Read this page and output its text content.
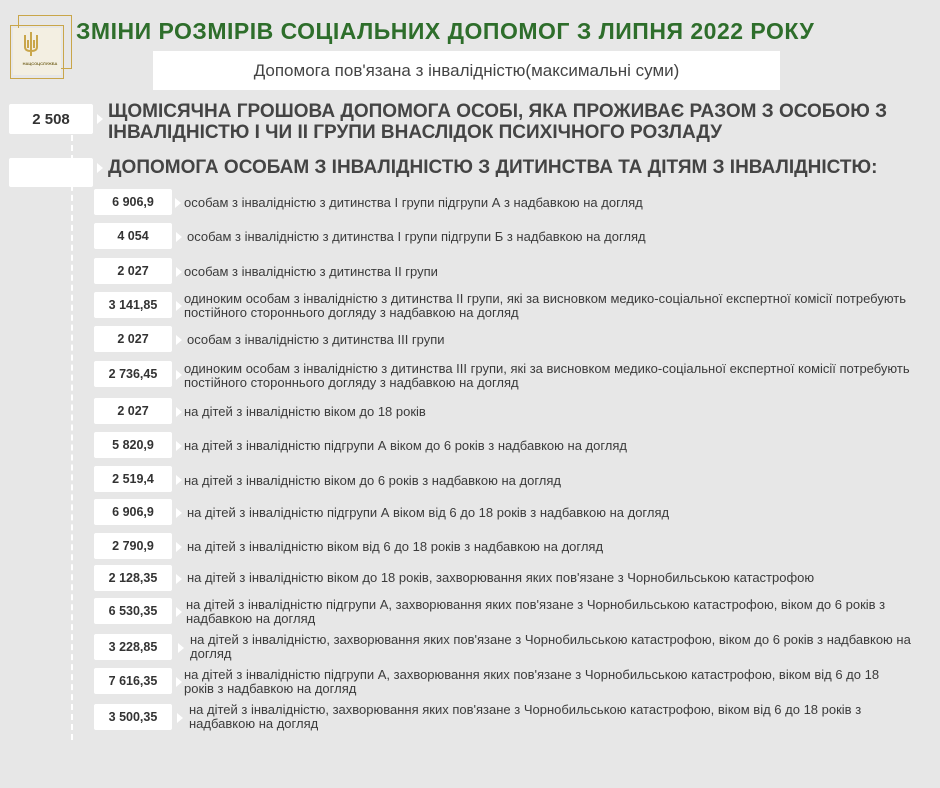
НАЦСОЦСЛУЖБА
ЗМІНИ РОЗМІРІВ СОЦІАЛЬНИХ ДОПОМОГ З ЛИПНЯ 2022 РОКУ
Допомога пов'язана з інвалідністю(максимальні суми)
2 508 ЩОМІСЯЧНА ГРОШОВА ДОПОМОГА ОСОБІ, ЯКА ПРОЖИВАЄ РАЗОМ З ОСОБОЮ З ІНВАЛІДНІСТЮ І ЧИ ІІ ГРУПИ ВНАСЛІДОК ПСИХІЧНОГО РОЗЛАДУ
ДОПОМОГА ОСОБАМ З ІНВАЛІДНІСТЮ З ДИТИНСТВА ТА ДІТЯМ З ІНВАЛІДНІСТЮ:
6 906,9 особам з інвалідністю з дитинства І групи підгрупи А з надбавкою на догляд
4 054	особам з інвалідністю з дитинства І групи підгрупи Б з надбавкою на догляд
2 027	особам з інвалідністю з дитинства ІІ групи
3 141,85 одиноким особам з інвалідністю з дитинства ІІ групи, які за висновком медико-соціальної експертної комісії потребують постійного стороннього догляду з надбавкою на догляд
2 027	особам з інвалідністю з дитинства ІІІ групи
2 736,45 одиноким особам з інвалідністю з дитинства ІІІ групи, які за висновком медико-соціальної експертної комісії потребують постійного стороннього догляду з надбавкою на догляд
2 027	на дітей з інвалідністю віком до 18 років
5 820,9 на дітей з інвалідністю підгрупи А віком до 6 років з надбавкою на догляд
2 519,4 на дітей з інвалідністю віком до 6 років з надбавкою на догляд
6 906,9	на дітей з інвалідністю підгрупи А віком від 6 до 18 років з надбавкою на догляд
2 790,9	на дітей з інвалідністю віком від 6 до 18 років з надбавкою на догляд
2 128,35 на дітей з інвалідністю віком до 18 років, захворювання яких пов'язане з Чорнобильською катастрофою
6 530,35 на дітей з інвалідністю підгрупи А, захворювання яких пов'язане з Чорнобильською катастрофою, віком до 6 років з надбавкою на догляд
3 228,85	на дітей з інвалідністю, захворювання яких пов'язане з Чорнобильською катастрофою, віком до 6 років з надбавкою на догляд
7 616,35 на дітей з інвалідністю підгрупи А, захворювання яких пов'язане з Чорнобильською катастрофою, віком від 6 до 18 років з надбавкою на догляд
3 500,35 на дітей з інвалідністю, захворювання яких пов'язане з Чорнобильською катастрофою, віком від 6 до 18 років з надбавкою на догляд
